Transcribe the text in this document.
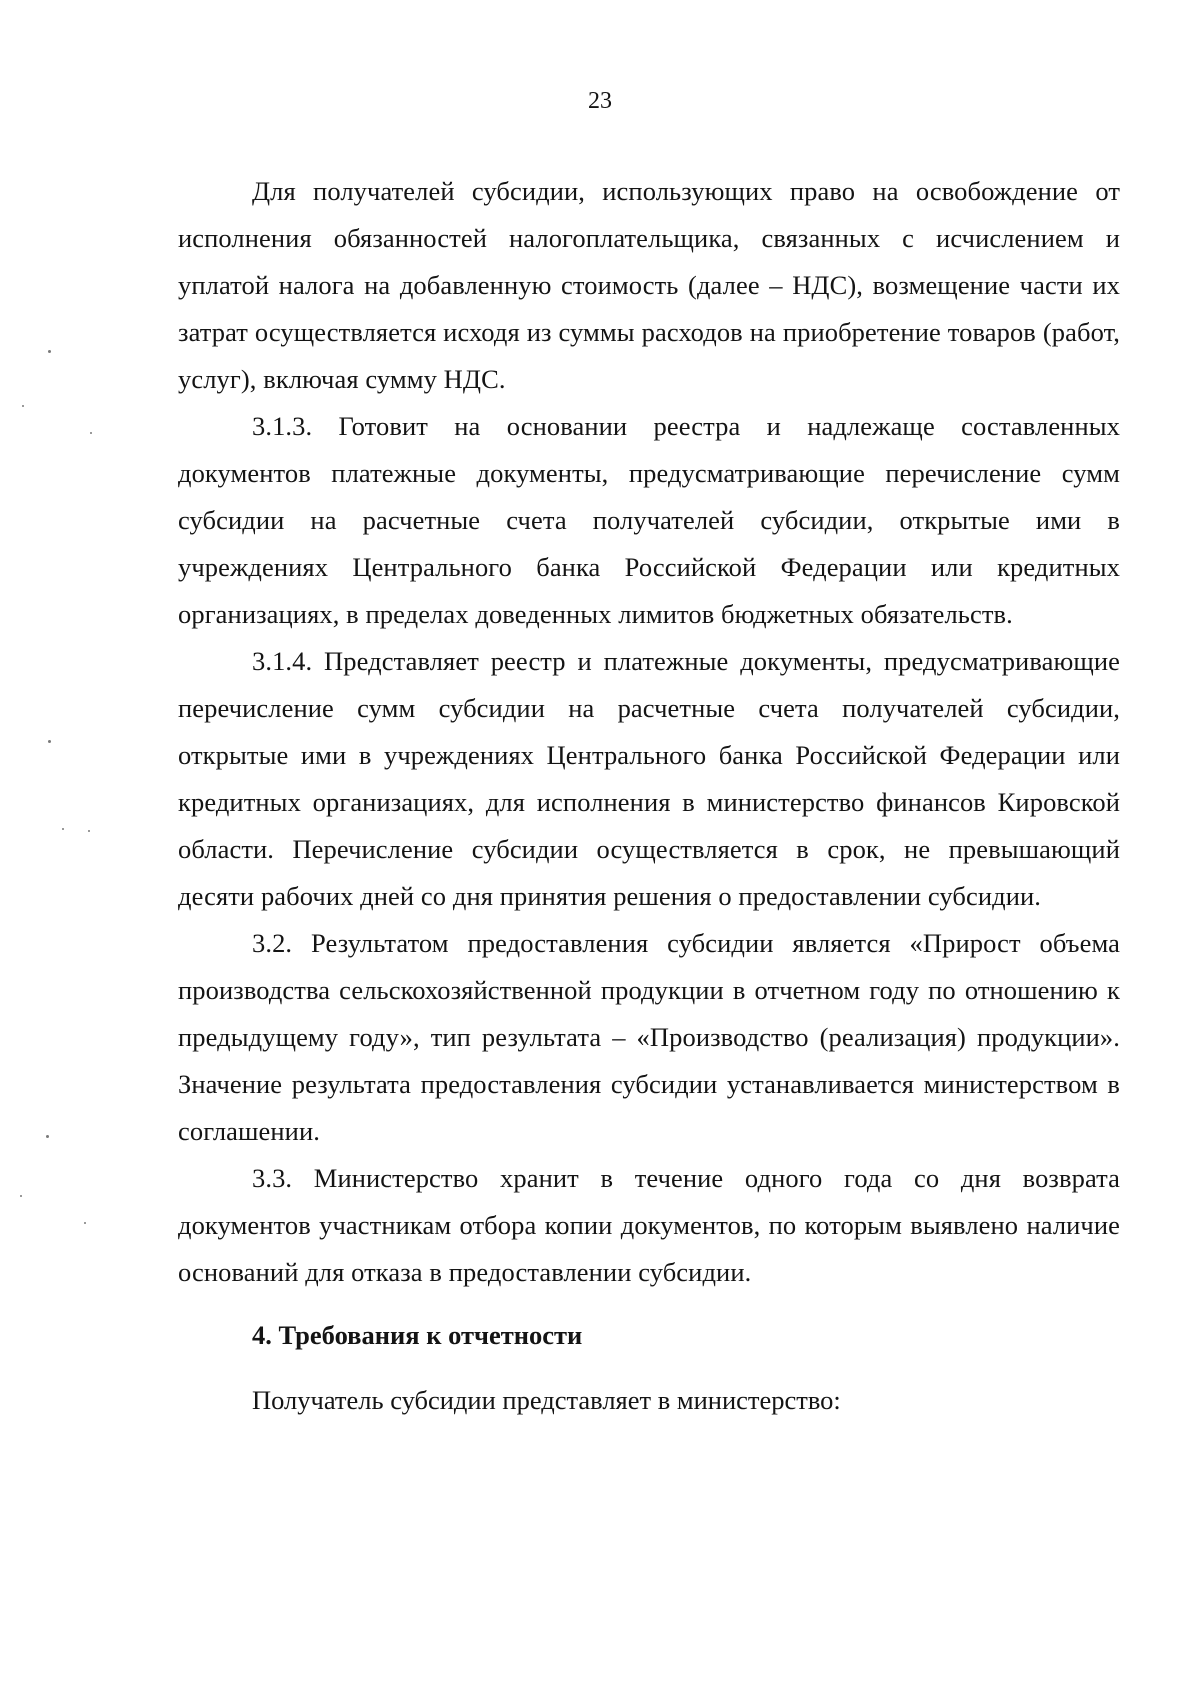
23

Для получателей субсидии, использующих право на освобождение от исполнения обязанностей налогоплательщика, связанных с исчислением и уплатой налога на добавленную стоимость (далее – НДС), возмещение части их затрат осуществляется исходя из суммы расходов на приобретение товаров (работ, услуг), включая сумму НДС.

3.1.3. Готовит на основании реестра и надлежаще составленных документов платежные документы, предусматривающие перечисление сумм субсидии на расчетные счета получателей субсидии, открытые ими в учреждениях Центрального банка Российской Федерации или кредитных организациях, в пределах доведенных лимитов бюджетных обязательств.

3.1.4. Представляет реестр и платежные документы, предусматривающие перечисление сумм субсидии на расчетные счета получателей субсидии, открытые ими в учреждениях Центрального банка Российской Федерации или кредитных организациях, для исполнения в министерство финансов Кировской области. Перечисление субсидии осуществляется в срок, не превышающий десяти рабочих дней со дня принятия решения о предоставлении субсидии.

3.2. Результатом предоставления субсидии является «Прирост объема производства сельскохозяйственной продукции в отчетном году по отношению к предыдущему году», тип результата – «Производство (реализация) продукции». Значение результата предоставления субсидии устанавливается министерством в соглашении.

3.3. Министерство хранит в течение одного года со дня возврата документов участникам отбора копии документов, по которым выявлено наличие оснований для отказа в предоставлении субсидии.

4. Требования к отчетности

Получатель субсидии представляет в министерство:
